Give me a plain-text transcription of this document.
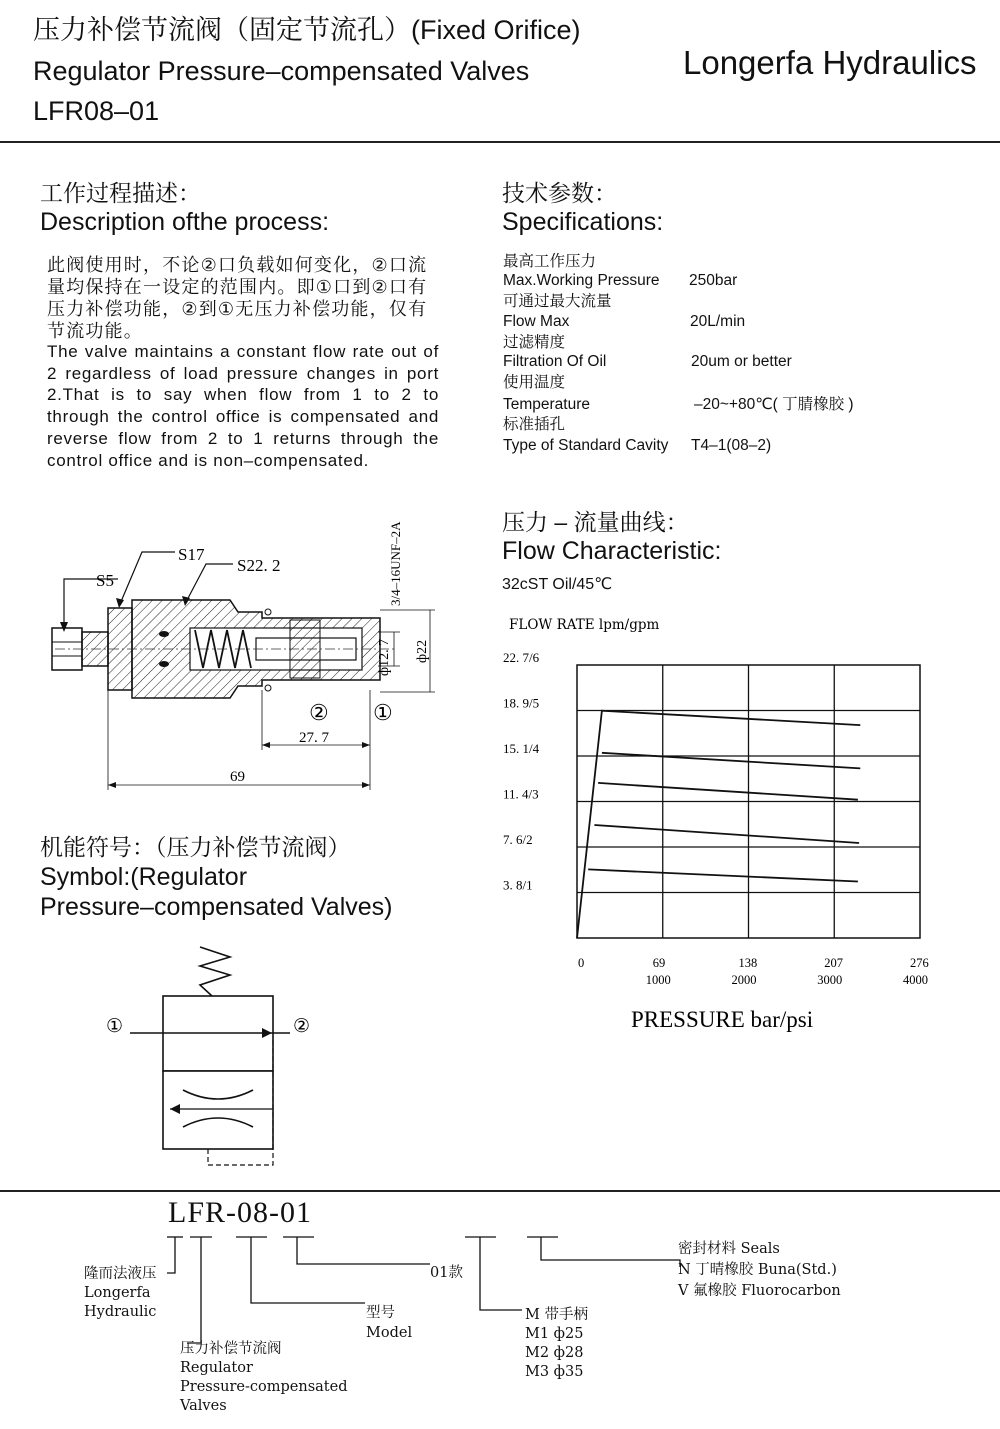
压力补偿节流阀（固定节流孔）(Fixed Orifice)
Regulator Pressure–compensated Valves
LFR08–01
Longerfa Hydraulics
工作过程描述：
Description ofthe process:
此阀使用时，不论②口负载如何变化，②口流量均保持在一设定的范围内。即①口到②口有压力补偿功能，②到①无压力补偿功能，仅有节流功能。
The valve maintains a constant flow rate out of 2 regardless of load pressure changes in port 2.That is to say when flow from 1 to 2 to through the control office is compensated and reverse flow from 2 to 1 returns through the control office and is non–compensated.
技术参数：
Specifications:
最高工作压力
Max.Working Pressure 250bar
可通过最大流量
Flow Max	20L/min
过滤精度
Filtration Of Oil	20um or better
使用温度
Temperature	–20~+80℃( 丁腈橡胶 )
标准插孔
Type of Standard Cavity T4–1(08–2)
S5
S17
S22. 2	3/4–16UNF–2A
ф12. 7 ф22
② ①
27. 7
69
机能符号：（压力补偿节流阀）
Symbol:(Regulator
Pressure–compensated Valves)
①	②
压力 – 流量曲线：
Flow Characteristic:
32cST Oil/45℃
FLOW RATE lpm/gpm
22. 7/6
18. 9/5
15. 1/4
11. 4/3
7. 6/2
3. 8/1
0	69
1000
138
2000
207
3000
276
4000
PRESSURE bar/psi
LFR-08-01
隆而法液压
Longerfa
Hydraulic
压力补偿节流阀
Regulator
Pressure-compensated
Valves
型号
Model
01款
M 带手柄
M1 ф25
M2 ф28
M3 ф35
密封材料 Seals
N 丁晴橡胶 Buna(Std.)
V 氟橡胶 Fluorocarbon
